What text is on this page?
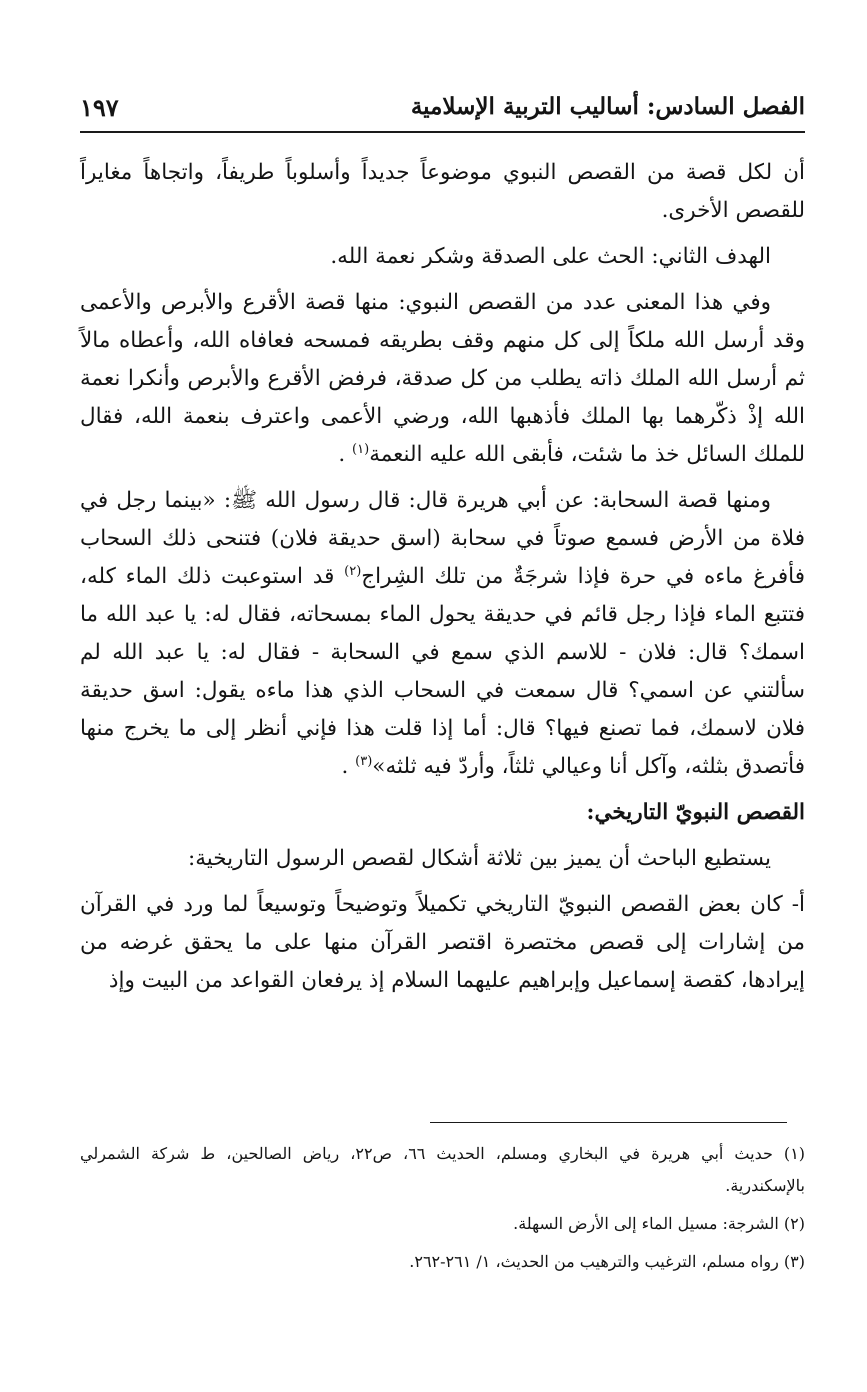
الفصل السادس: أساليب التربية الإسلامية
١٩٧

أن لكل قصة من القصص النبوي موضوعاً جديداً وأسلوباً طريفاً، واتجاهاً مغايراً للقصص الأخرى.

الهدف الثاني: الحث على الصدقة وشكر نعمة الله.

وفي هذا المعنى عدد من القصص النبوي: منها قصة الأقرع والأبرص والأعمى وقد أرسل الله ملكاً إلى كل منهم وقف بطريقه فمسحه فعافاه الله، وأعطاه مالاً ثم أرسل الله الملك ذاته يطلب من كل صدقة، فرفض الأقرع والأبرص وأنكرا نعمة الله إذْ ذكّرهما بها الملك فأذهبها الله، ورضي الأعمى واعترف بنعمة الله، فقال للملك السائل خذ ما شئت، فأبقى الله عليه النعمة$^{(١)}$ .

ومنها قصة السحابة: عن أبي هريرة قال: قال رسول الله ﷺ: «بينما رجل في فلاة من الأرض فسمع صوتاً في سحابة (اسق حديقة فلان) فتنحى ذلك السحاب فأفرغ ماءه في حرة فإذا شرجَةٌ من تلك الشِراج$^{(٢)}$ قد استوعبت ذلك الماء كله، فتتبع الماء فإذا رجل قائم في حديقة يحول الماء بمسحاته، فقال له: يا عبد الله ما اسمك؟ قال: فلان - للاسم الذي سمع في السحابة - فقال له: يا عبد الله لم سألتني عن اسمي؟ قال سمعت في السحاب الذي هذا ماءه يقول: اسق حديقة فلان لاسمك، فما تصنع فيها؟ قال: أما إذا قلت هذا فإني أنظر إلى ما يخرج منها فأتصدق بثلثه، وآكل أنا وعيالي ثلثاً، وأردّ فيه ثلثه»$^{(٣)}$ .

القصص النبويّ التاريخي:

يستطيع الباحث أن يميز بين ثلاثة أشكال لقصص الرسول التاريخية:

أ- كان بعض القصص النبويّ التاريخي تكميلاً وتوضيحاً وتوسيعاً لما ورد في القرآن من إشارات إلى قصص مختصرة اقتصر القرآن منها على ما يحقق غرضه من إيرادها، كقصة إسماعيل وإبراهيم عليهما السلام إذ يرفعان القواعد من البيت وإذ

(١) حديث أبي هريرة في البخاري ومسلم، الحديث ٦٦، ص٢٢، رياض الصالحين، ط شركة الشمرلي بالإسكندرية.
(٢) الشرجة: مسيل الماء إلى الأرض السهلة.
(٣) رواه مسلم، الترغيب والترهيب من الحديث، ١/ ٢٦١-٢٦٢.
